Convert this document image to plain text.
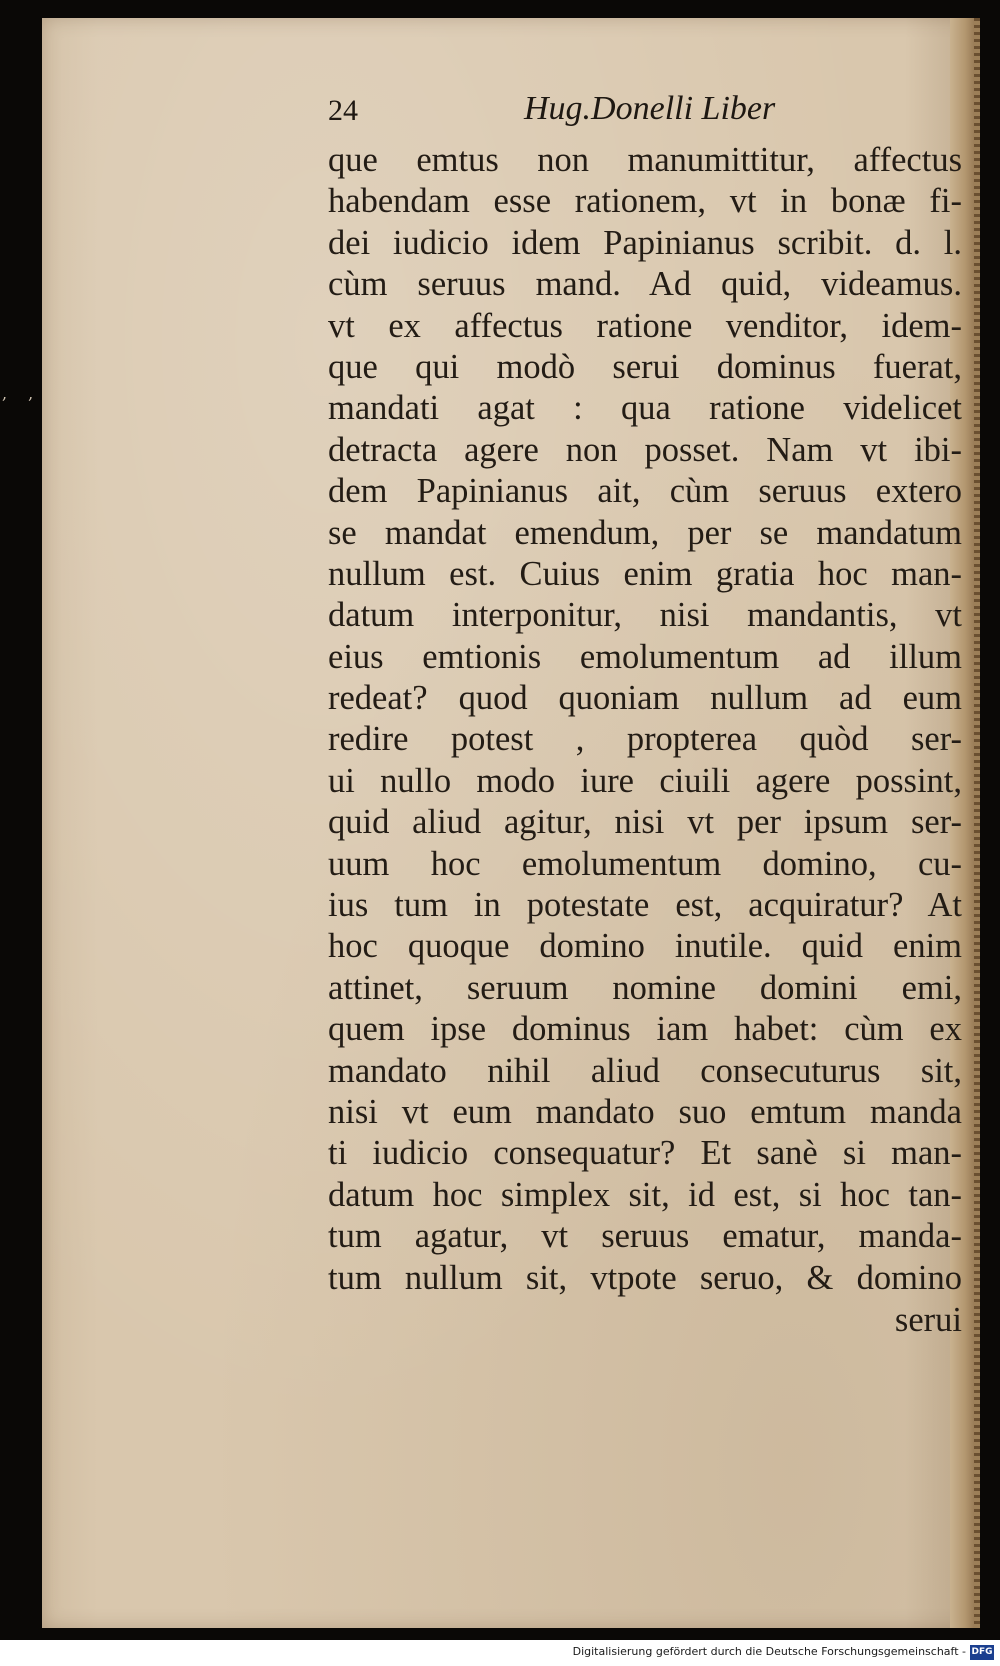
, ,
24	Hug.Donelli Liber
que emtus non manumittitur, affectus
habendam esse rationem, vt in bonæ fi-
dei iudicio idem Papinianus scribit. d. l.
cùm seruus mand. Ad quid, videamus.
vt ex affectus ratione venditor, idem-
que qui modò serui dominus fuerat,
mandati agat : qua ratione videlicet
detracta agere non posset. Nam vt ibi-
dem Papinianus ait, cùm seruus extero
se mandat emendum, per se mandatum
nullum est. Cuius enim gratia hoc man-
datum interponitur, nisi mandantis, vt
eius emtionis emolumentum ad illum
redeat? quod quoniam nullum ad eum
redire potest , propterea quòd ser-
ui nullo modo iure ciuili agere possint,
quid aliud agitur, nisi vt per ipsum ser-
uum hoc emolumentum domino, cu-
ius tum in potestate est, acquiratur? At
hoc quoque domino inutile. quid enim
attinet, seruum nomine domini emi,
quem ipse dominus iam habet: cùm ex
mandato nihil aliud consecuturus sit,
nisi vt eum mandato suo emtum manda
ti iudicio consequatur? Et sanè si man-
datum hoc simplex sit, id est, si hoc tan-
tum agatur, vt seruus ematur, manda-
tum nullum sit, vtpote seruo, & domino
serui
Digitalisierung gefördert durch die Deutsche Forschungsgemeinschaft - DFG
